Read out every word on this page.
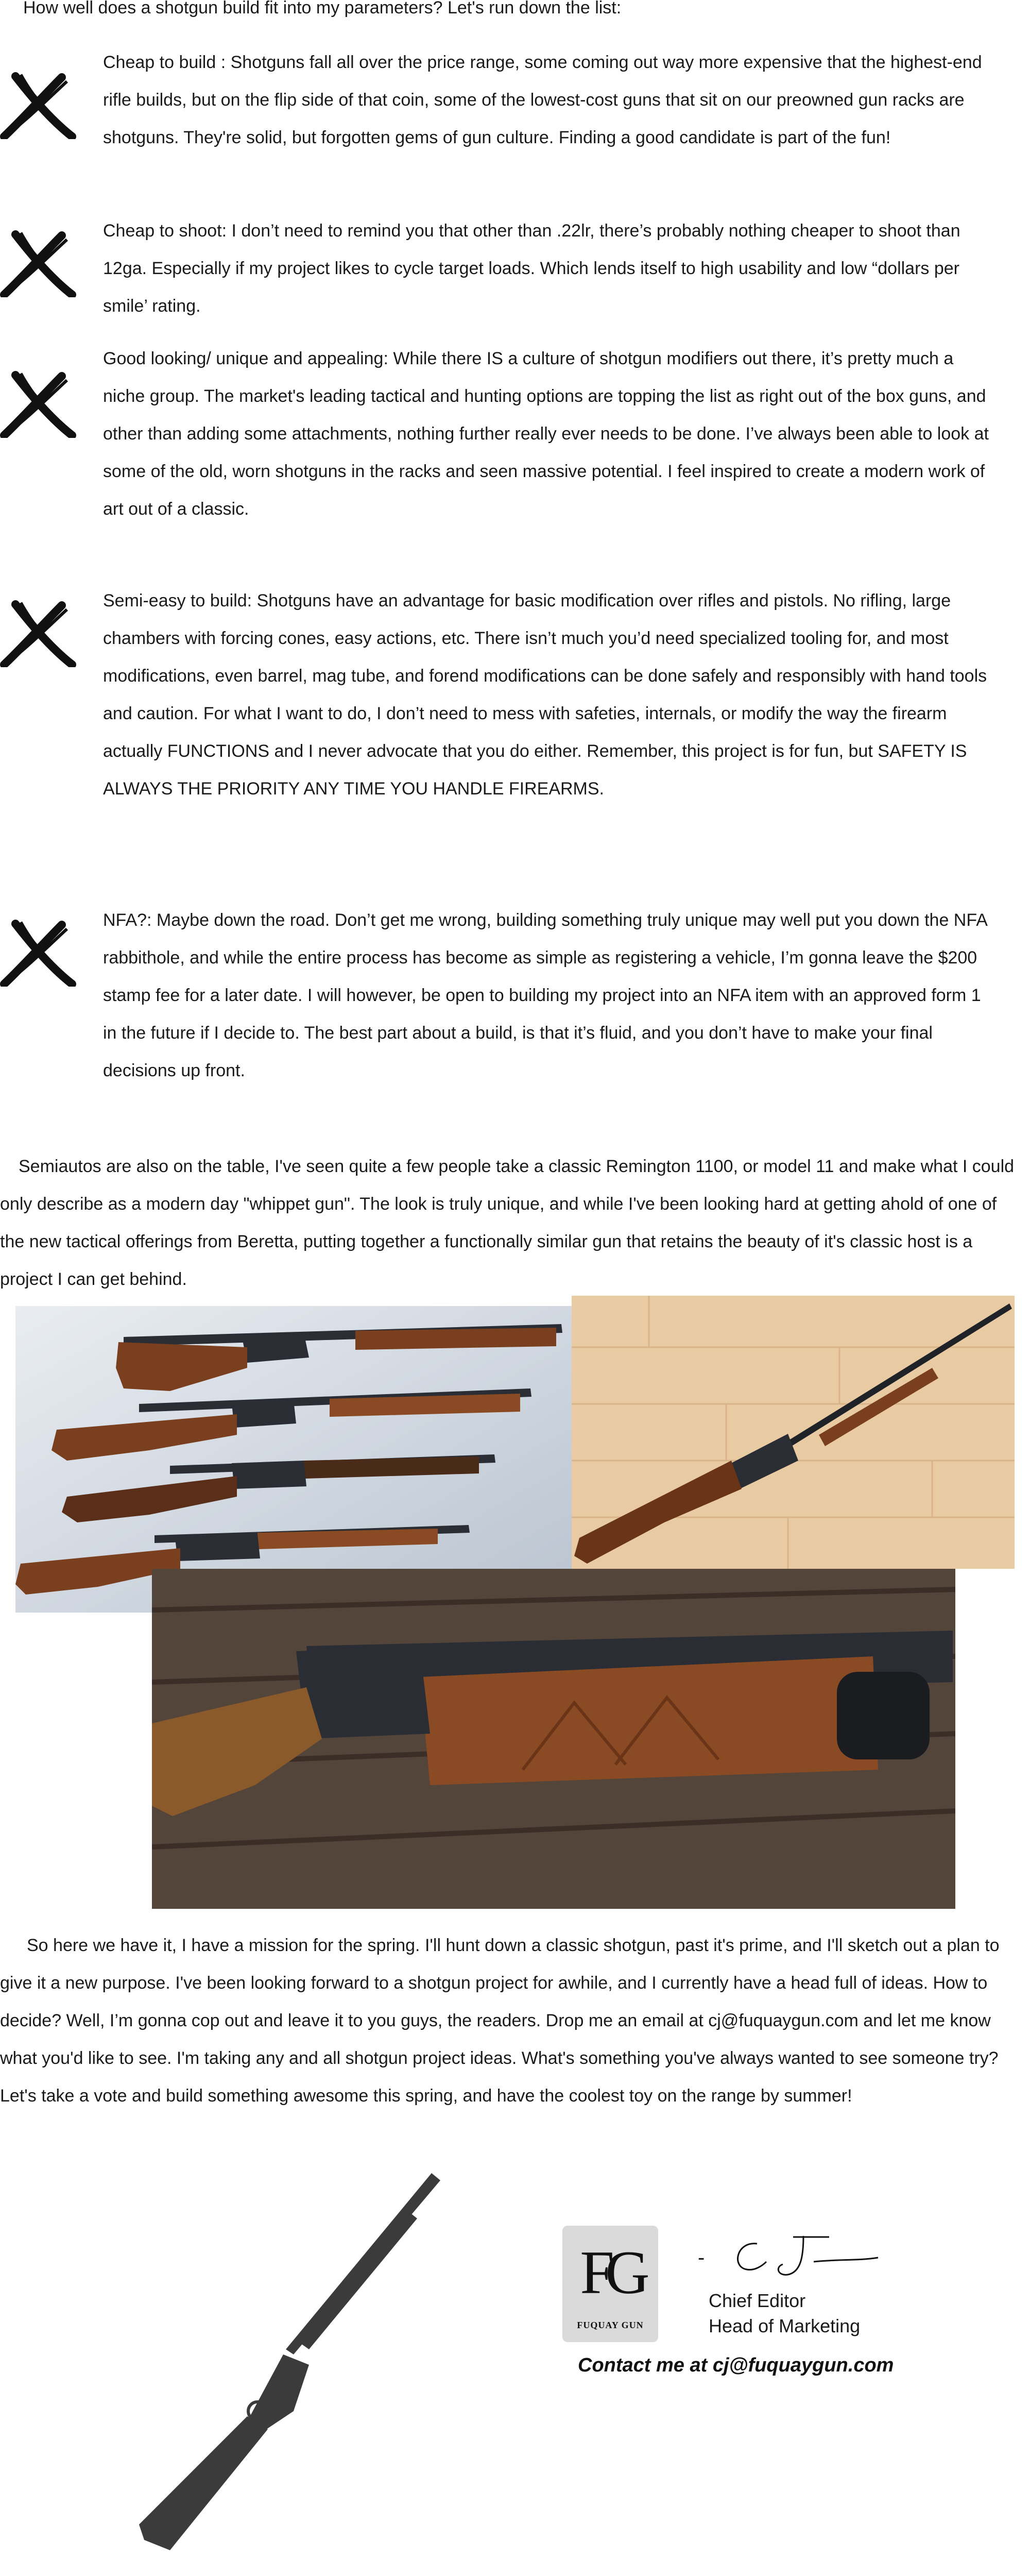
How well does a shotgun build fit into my parameters? Let's run down the list:

Cheap to build : Shotguns fall all over the price range, some coming out way more expensive that the highest-end rifle builds, but on the flip side of that coin, some of the lowest-cost guns that sit on our preowned gun racks are shotguns. They're solid, but forgotten gems of gun culture. Finding a good candidate is part of the fun!

Cheap to shoot: I don’t need to remind you that other than .22lr, there’s probably nothing cheaper to shoot than 12ga. Especially if my project likes to cycle target loads. Which lends itself to high usability and low “dollars per smile’ rating.

Good looking/ unique and appealing: While there IS a culture of shotgun modifiers out there, it’s pretty much a niche group. The market's leading tactical and hunting options are topping the list as right out of the box guns, and other than adding some attachments, nothing further really ever needs to be done. I’ve always been able to look at some of the old, worn shotguns in the racks and seen massive potential. I feel inspired to create a modern work of art out of a classic.

Semi-easy to build: Shotguns have an advantage for basic modification over rifles and pistols. No rifling, large chambers with forcing cones, easy actions, etc. There isn’t much you’d need specialized tooling for, and most modifications, even barrel, mag tube, and forend modifications can be done safely and responsibly with hand tools and caution. For what I want to do, I don’t need to mess with safeties, internals, or modify the way the firearm actually FUNCTIONS and I never advocate that you do either. Remember, this project is for fun, but SAFETY IS ALWAYS THE PRIORITY ANY TIME YOU HANDLE FIREARMS.

NFA?: Maybe down the road. Don’t get me wrong, building something truly unique may well put you down the NFA rabbithole, and while the entire process has become as simple as registering a vehicle, I’m gonna leave the $200 stamp fee for a later date. I will however, be open to building my project into an NFA item with an approved form 1 in the future if I decide to. The best part about a build, is that it’s fluid, and you don’t have to make your final decisions up front.

Semiautos are also on the table, I've seen quite a few people take a classic Remington 1100, or model 11 and make what I could only describe as a modern day "whippet gun". The look is truly unique, and while I've been looking hard at getting ahold of one of the new tactical offerings from Beretta, putting together a functionally similar gun that retains the beauty of it's classic host is a project I can get behind.

So here we have it, I have a mission for the spring. I'll hunt down a classic shotgun, past it's prime, and I'll sketch out a plan to give it a new purpose. I've been looking forward to a shotgun project for awhile, and I currently have a head full of ideas. How to decide? Well, I’m gonna cop out and leave it to you guys, the readers. Drop me an email at cj@fuquaygun.com and let me know what you'd like to see. I'm taking any and all shotgun project ideas. What's something you've always wanted to see someone try? Let's take a vote and build something awesome this spring, and have the coolest toy on the range by summer!

FG
FUQUAY GUN
-
Chief Editor
Head of Marketing
Contact me at cj@fuquaygun.com
